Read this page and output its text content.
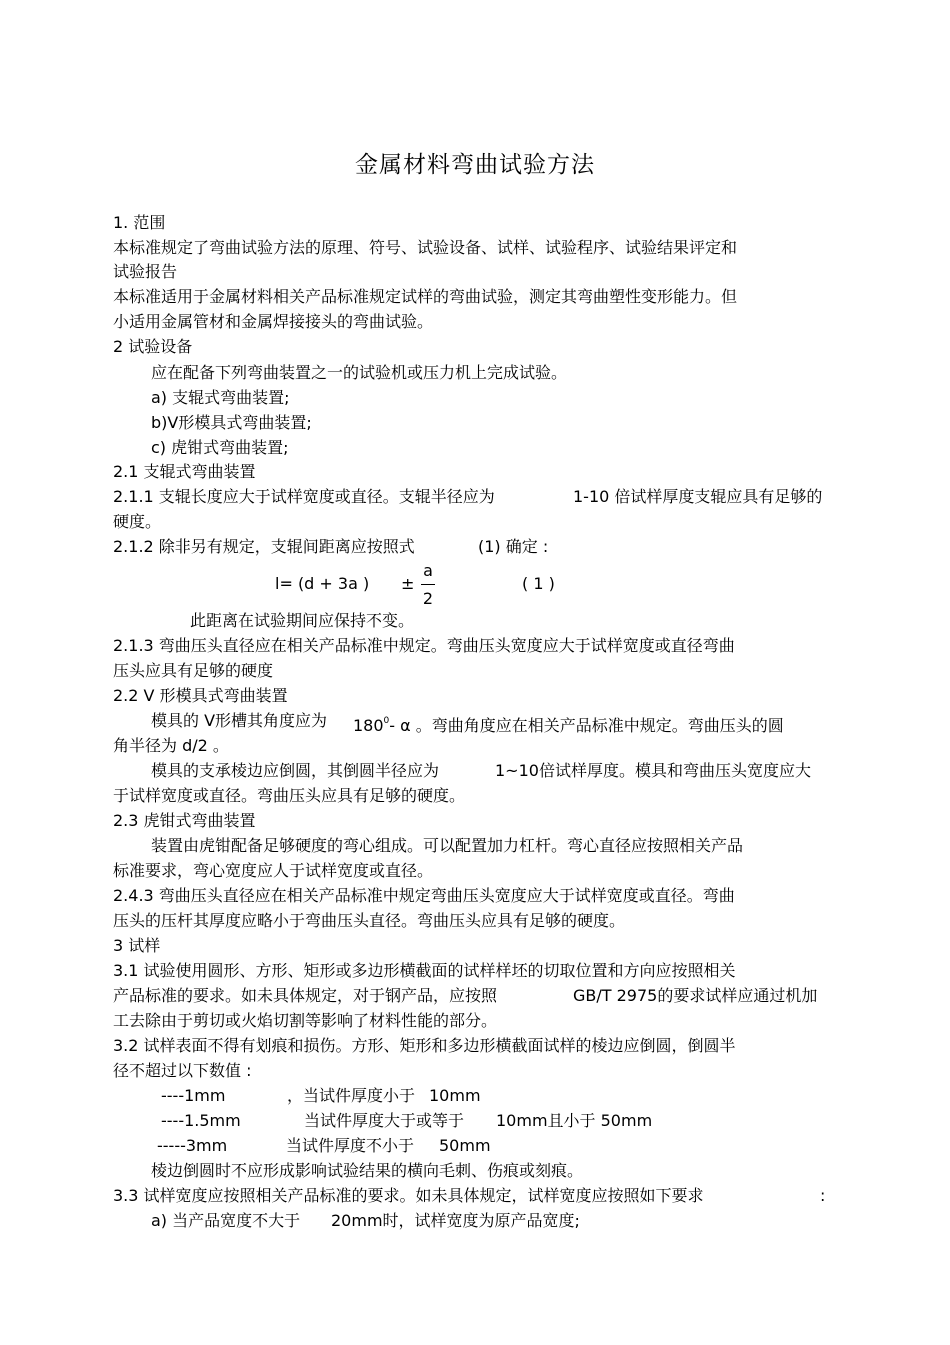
金属材料弯曲试验方法
1. 范围
本标准规定了弯曲试验方法的原理、符号、试验设备、试样、试验程序、试验结果评定和
试验报告
本标准适用于金属材料相关产品标准规定试样的弯曲试验，测定其弯曲塑性变形能力。但
小适用金属管材和金属焊接接头的弯曲试验。
2 试验设备
应在配备下列弯曲装置之一的试验机或压力机上完成试验。
a) 支辊式弯曲装置;
b)V形模具式弯曲装置;
c) 虎钳式弯曲装置;
2.1 支辊式弯曲装置
2.1.1 支辊长度应大于试样宽度或直径。支辊半径应为	1-10 倍试样厚度支辊应具有足够的
硬度。
2.1.2 除非另有规定，支辊间距离应按照式	(1) 确定 :
l= (d + 3a ) ±
a
2
( 1 )
此距离在试验期间应保持不变。
2.1.3 弯曲压头直径应在相关产品标准中规定。弯曲压头宽度应大于试样宽度或直径弯曲
压头应具有足够的硬度
2.2 V 形模具式弯曲装置
模具的 V形槽其角度应为 $180^0-$ α 。弯曲角度应在相关产品标准中规定。弯曲压头的圆
角半径为 d/2 。
模具的支承棱边应倒圆，其倒圆半径应为	1~10倍试样厚度。模具和弯曲压头宽度应大
于试样宽度或直径。弯曲压头应具有足够的硬度。
2.3 虎钳式弯曲装置
装置由虎钳配备足够硬度的弯心组成。可以配置加力杠杆。弯心直径应按照相关产品
标准要求，弯心宽度应人于试样宽度或直径。
2.4.3 弯曲压头直径应在相关产品标准中规定弯曲压头宽度应大于试样宽度或直径。弯曲
压头的压杆其厚度应略小于弯曲压头直径。弯曲压头应具有足够的硬度。
3 试样
3.1 试验使用圆形、方形、矩形或多边形横截面的试样样坯的切取位置和方向应按照相关
产品标准的要求。如未具体规定，对于钢产品，应按照	GB/T 2975的要求试样应通过机加
工去除由于剪切或火焰切割等影响了材料性能的部分。
3.2 试样表面不得有划痕和损伤。方形、矩形和多边形横截面试样的棱边应倒圆，倒圆半
径不超过以下数值 :
----1mm	，当试件厚度小于 10mm
----1.5mm	当试件厚度大于或等于 10mm且小于 50mm
-----3mm	当试件厚度不小于 50mm
棱边倒圆时不应形成影响试验结果的横向毛刺、伤痕或刻痕。
3.3 试样宽度应按照相关产品标准的要求。如未具体规定，试样宽度应按照如下要求	:
a) 当产品宽度不大于 20mm时，试样宽度为原产品宽度;
